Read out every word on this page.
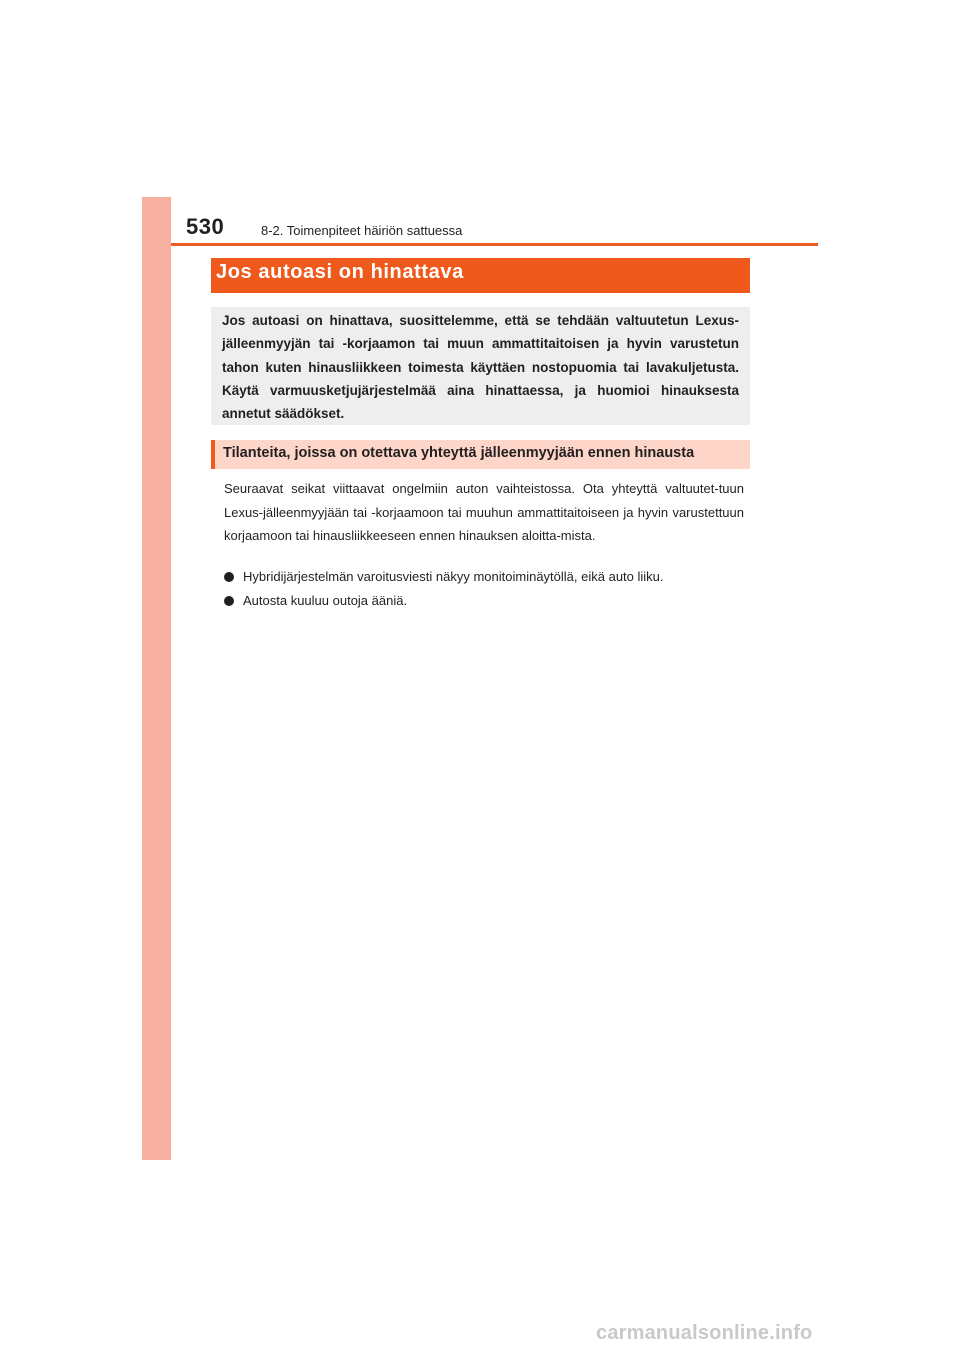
530	8-2. Toimenpiteet häiriön sattuessa
Jos autoasi on hinattava
Jos autoasi on hinattava, suosittelemme, että se tehdään valtuutetun Lexus-jälleenmyyjän tai -korjaamon tai muun ammattitaitoisen ja hyvin varustetun tahon kuten hinausliikkeen toimesta käyttäen nostopuomia tai lavakuljetusta. Käytä varmuusketjujärjestelmää aina hinattaessa, ja huomioi hinauksesta annetut säädökset.
Tilanteita, joissa on otettava yhteyttä jälleenmyyjään ennen hinausta
Seuraavat seikat viittaavat ongelmiin auton vaihteistossa. Ota yhteyttä valtuutet-tuun Lexus-jälleenmyyjään tai -korjaamoon tai muuhun ammattitaitoiseen ja hyvin varustettuun korjaamoon tai hinausliikkeeseen ennen hinauksen aloitta-mista.
Hybridijärjestelmän varoitusviesti näkyy monitoiminäytöllä, eikä auto liiku.
Autosta kuuluu outoja ääniä.
carmanualsonline.info
